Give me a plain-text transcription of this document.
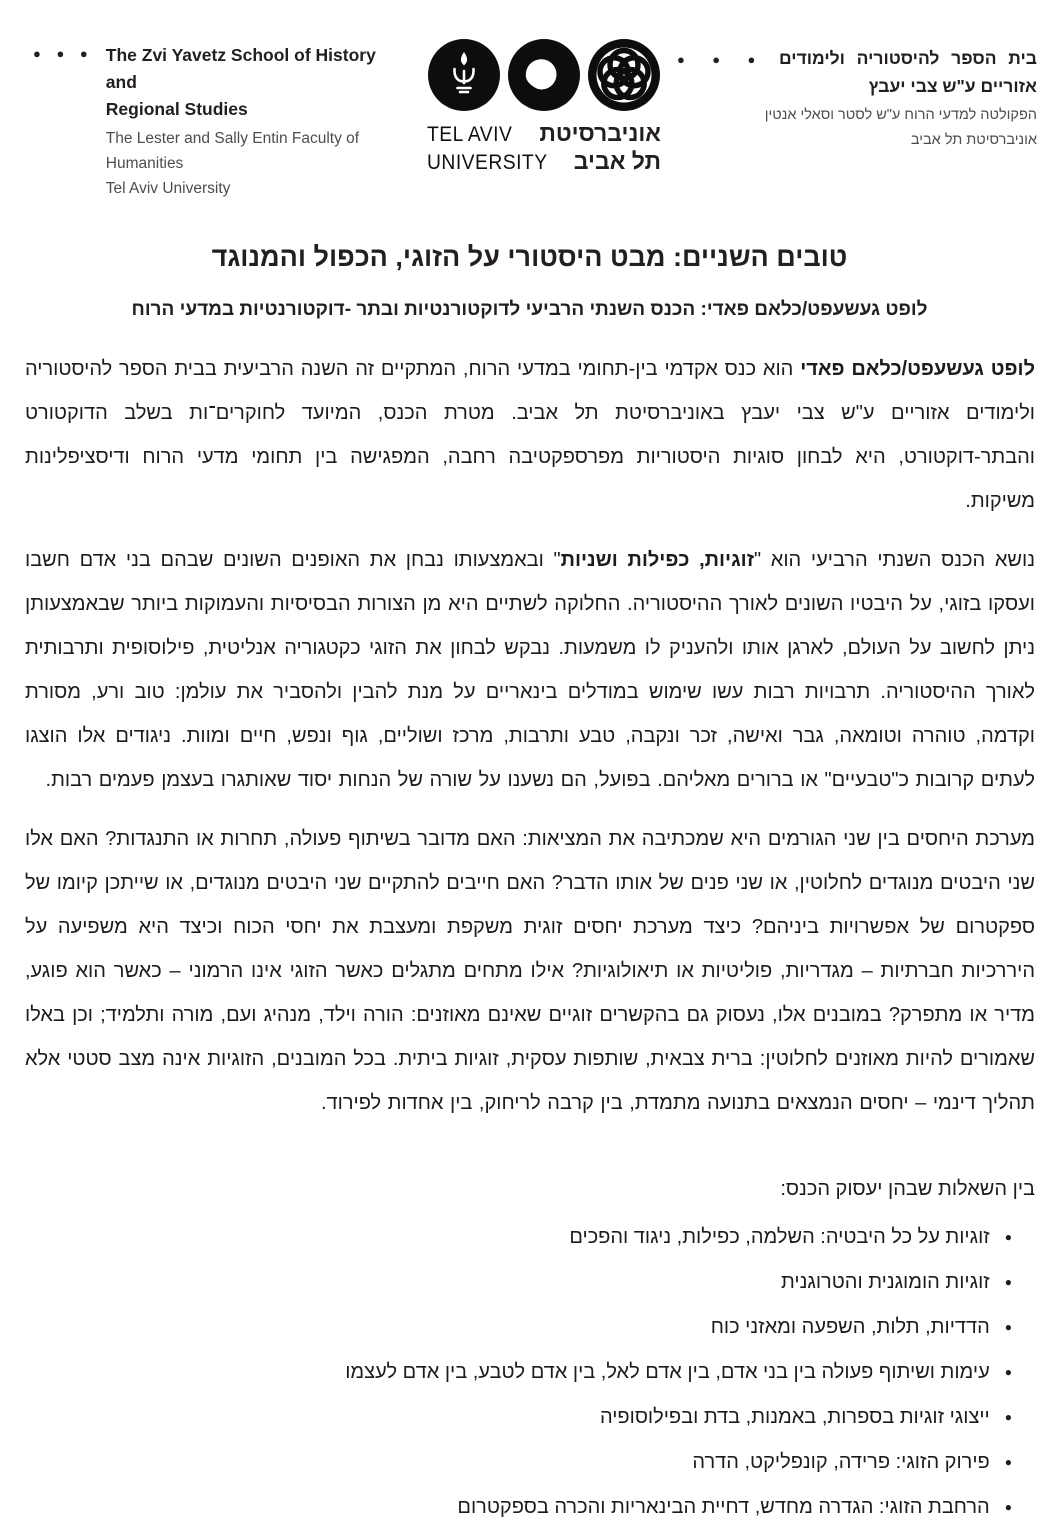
● ● ● The Zvi Yavetz School of History and
Regional Studies
The Lester and Sally Entin Faculty of Humanities
Tel Aviv University
TEL AVIV אוניברסיטת
UNIVERSITY תל אביב
בית הספר להיסטוריה ולימודים ● ● ●
אזוריים ע"ש צבי יעבץ
הפקולטה למדעי הרוח ע"ש לסטר וסאלי אנטין
אוניברסיטת תל אביב
טובים השניים: מבט היסטורי על הזוגי, הכפול והמנוגד
לופט געשעפט/כלאם פאדי: הכנס השנתי הרביעי לדוקטורנטיות ובתר -דוקטורנטיות במדעי הרוח

לופט געשעפט/כלאם פאדי הוא כנס אקדמי בין-תחומי במדעי הרוח, המתקיים זה השנה הרביעית בבית הספר להיסטוריה ולימודים אזוריים ע"ש צבי יעבץ באוניברסיטת תל אביב. מטרת הכנס, המיועד לחוקרים־ות בשלב הדוקטורט והבתר-דוקטורט, היא לבחון סוגיות היסטוריות מפרספקטיבה רחבה, המפגישה בין תחומי מדעי הרוח ודיסציפלינות משיקות.

נושא הכנס השנתי הרביעי הוא "זוגיות, כפילות ושניות" ובאמצעותו נבחן את האופנים השונים שבהם בני אדם חשבו ועסקו בזוגי, על היבטיו השונים לאורך ההיסטוריה. החלוקה לשתיים היא מן הצורות הבסיסיות והעמוקות ביותר שבאמצעותן ניתן לחשוב על העולם, לארגן אותו ולהעניק לו משמעות. נבקש לבחון את הזוגי כקטגוריה אנליטית, פילוסופית ותרבותית לאורך ההיסטוריה. תרבויות רבות עשו שימוש במודלים בינאריים על מנת להבין ולהסביר את עולמן: טוב ורע, מסורת וקדמה, טוהרה וטומאה, גבר ואישה, זכר ונקבה, טבע ותרבות, מרכז ושוליים, גוף ונפש, חיים ומוות. ניגודים אלו הוצגו לעתים קרובות כ"טבעיים" או ברורים מאליהם. בפועל, הם נשענו על שורה של הנחות יסוד שאותגרו בעצמן פעמים רבות.

מערכת היחסים בין שני הגורמים היא שמכתיבה את המציאות: האם מדובר בשיתוף פעולה, תחרות או התנגדות? האם אלו שני היבטים מנוגדים לחלוטין, או שני פנים של אותו הדבר? האם חייבים להתקיים שני היבטים מנוגדים, או שייתכן קיומו של ספקטרום של אפשרויות ביניהם? כיצד מערכת יחסים זוגית משקפת ומעצבת את יחסי הכוח וכיצד היא משפיעה על היררכיות חברתיות – מגדריות, פוליטיות או תיאולוגיות? אילו מתחים מתגלים כאשר הזוגי אינו הרמוני – כאשר הוא פוגע, מדיר או מתפרק? במובנים אלו, נעסוק גם בהקשרים זוגיים שאינם מאוזנים: הורה וילד, מנהיג ועם, מורה ותלמיד; וכן באלו שאמורים להיות מאוזנים לחלוטין: ברית צבאית, שותפות עסקית, זוגיות ביתית. בכל המובנים, הזוגיות אינה מצב סטטי אלא תהליך דינמי – יחסים הנמצאים בתנועה מתמדת, בין קרבה לריחוק, בין אחדות לפירוד.

בין השאלות שבהן יעסוק הכנס:
●
זוגיות על כל היבטיה: השלמה, כפילות, ניגוד והפכים
●
זוגיות הומוגנית והטרוגנית
●
הדדיות, תלות, השפעה ומאזני כוח
●
עימות ושיתוף פעולה בין בני אדם, בין אדם לאל, בין אדם לטבע, בין אדם לעצמו
●
ייצוגי זוגיות בספרות, באמנות, בדת ובפילוסופיה
●
פירוק הזוגי: פרידה, קונפליקט, הדרה
●
הרחבת הזוגי: הגדרה מחדש, דחיית הבינאריות והכרה בספקטרום
